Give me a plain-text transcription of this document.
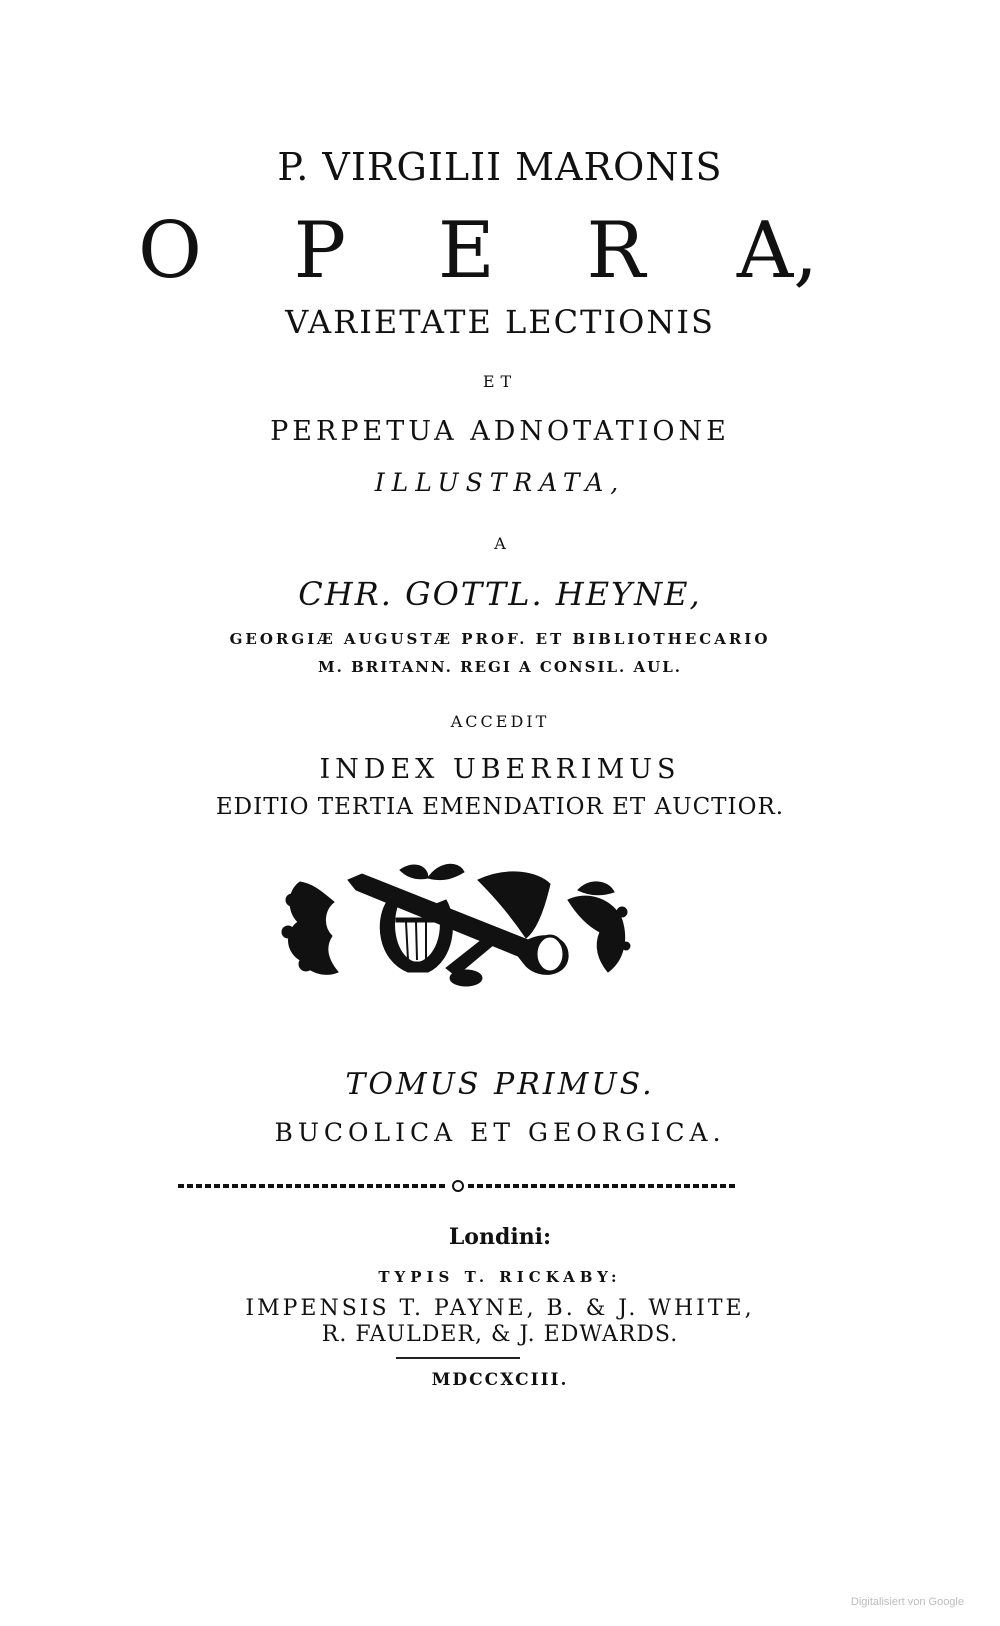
P. VIRGILII MARONIS
O P E R A,
VARIETATE LECTIONIS
ET
PERPETUA ADNOTATIONE
ILLUSTRATA,
A
CHR. GOTTL. HEYNE,
GEORGIÆ AUGUSTÆ PROF. ET BIBLIOTHECARIO
M. BRITANN. REGI A CONSIL. AUL.
ACCEDIT
INDEX UBERRIMUS
EDITIO TERTIA EMENDATIOR ET AUCTIOR.
TOMUS PRIMUS.
BUCOLICA ET GEORGICA.
Londini:
TYPIS T. RICKABY:
IMPENSIS T. PAYNE, B. & J. WHITE,
R. FAULDER, & J. EDWARDS.
MDCCXCIII.
Digitalisiert von Google
